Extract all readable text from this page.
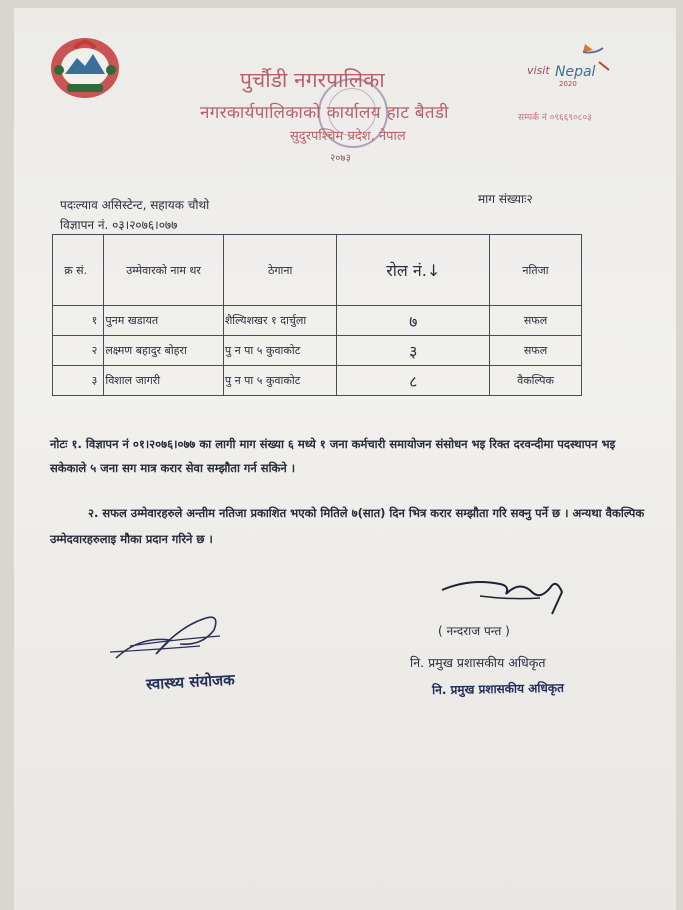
visit Nepal
2020
पुर्चौडी नगरपालिका
नगरकार्यपालिकाको कार्यालय हाट बैतडी
सुदुरपश्चिम प्रदेश, नेपाल
२०७३
सम्पर्क नं ०९६६९०८०३
पदःल्याव असिस्टेन्ट, सहायक चौथो	माग संख्याः२
विज्ञापन नं. ०३।२०७६।०७७
क्र सं.	उम्मेवारको नाम थर	ठेगाना	रोल नं.↓	नतिजा
१	पुनम खडायत	शैल्यिशखर १ दार्चुला	७	सफल
२	लक्ष्मण बहादुर बोहरा	पु न पा ५ कुवाकोट	३	सफल
३	विशाल जागरी	पु न पा ५ कुवाकोट	८	वैकल्पिक
नोटः १. विज्ञापन नं ०१।२०७६।०७७ का लागी माग संख्या ६ मध्ये १ जना कर्मचारी समायोजन संसोधन भइ रिक्त दरवन्दीमा पदस्थापन भइ सकेकाले ५ जना सग मात्र करार सेवा सम्झौता गर्न सकिने ।
२. सफल उम्मेवारहरुले अन्तीम नतिजा प्रकाशित भएको मितिले ७(सात) दिन भित्र करार सम्झौता गरि सक्नु पर्ने छ । अन्यथा वैकल्पिक उम्मेदवारहरुलाइ मौका प्रदान गरिने छ ।
( नन्दराज पन्त )
नि. प्रमुख प्रशासकीय अधिकृत
नि. प्रमुख प्रशासकीय अधिकृत
स्वास्थ्य संयोजक
